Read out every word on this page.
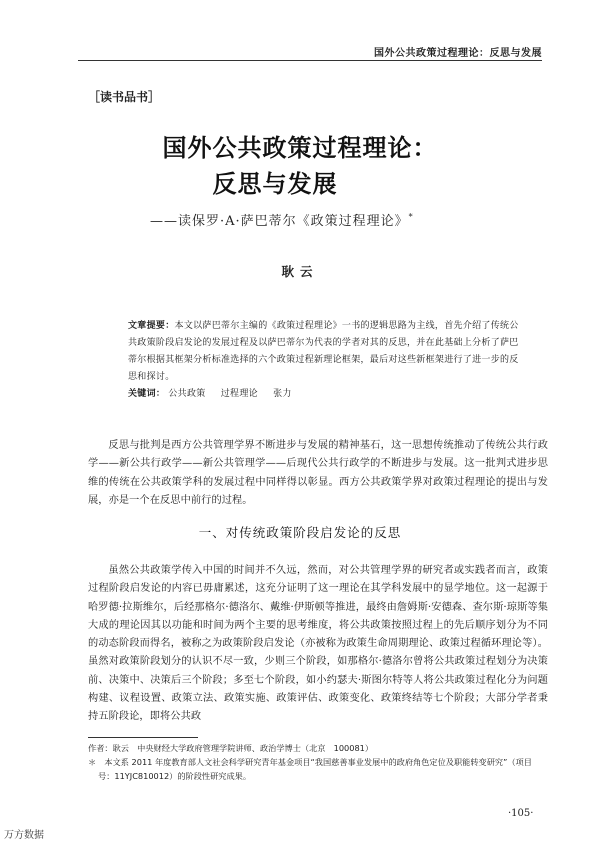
国外公共政策过程理论：反思与发展
［读书品书］
国外公共政策过程理论：
反思与发展
——读保罗·A·萨巴蒂尔《政策过程理论》*
耿云
文章提要：本文以萨巴蒂尔主编的《政策过程理论》一书的逻辑思路为主线，首先介绍了传统公共政策阶段启发论的发展过程及以萨巴蒂尔为代表的学者对其的反思，并在此基础上分析了萨巴蒂尔根据其框架分析标准选择的六个政策过程新理论框架，最后对这些新框架进行了进一步的反思和探讨。
关键词： 公共政策 过程理论 张力

反思与批判是西方公共管理学界不断进步与发展的精神基石，这一思想传统推动了传统公共行政学——新公共行政学——新公共管理学——后现代公共行政学的不断进步与发展。这一批判式进步思维的传统在公共政策学科的发展过程中同样得以彰显。西方公共政策学界对政策过程理论的提出与发展，亦是一个在反思中前行的过程。

一、对传统政策阶段启发论的反思

虽然公共政策学传入中国的时间并不久远，然而，对公共管理学界的研究者或实践者而言，政策过程阶段启发论的内容已毋庸累述，这充分证明了这一理论在其学科发展中的显学地位。这一起源于哈罗德·拉斯维尔，后经那格尔·德洛尔、戴维·伊斯顿等推进，最终由詹姆斯·安德森、查尔斯·琼斯等集大成的理论因其以功能和时间为两个主要的思考维度，将公共政策按照过程上的先后顺序划分为不同的动态阶段而得名，被称之为政策阶段启发论（亦被称为政策生命周期理论、政策过程循环理论等）。虽然对政策阶段划分的认识不尽一致，少则三个阶段，如那格尔·德洛尔曾将公共政策过程划分为决策前、决策中、决策后三个阶段；多至七个阶段，如小约瑟夫·斯图尔特等人将公共政策过程化分为问题构建、议程设置、政策立法、政策实施、政策评估、政策变化、政策终结等七个阶段；大部分学者秉持五阶段论，即将公共政

作者：耿云　中央财经大学政府管理学院讲师、政治学博士（北京　100081）
＊　本文系 2011 年度教育部人文社会科学研究青年基金项目“我国慈善事业发展中的政府角色定位及职能转变研究”（项目号：11YJC810012）的阶段性研究成果。
·105·
万方数据
